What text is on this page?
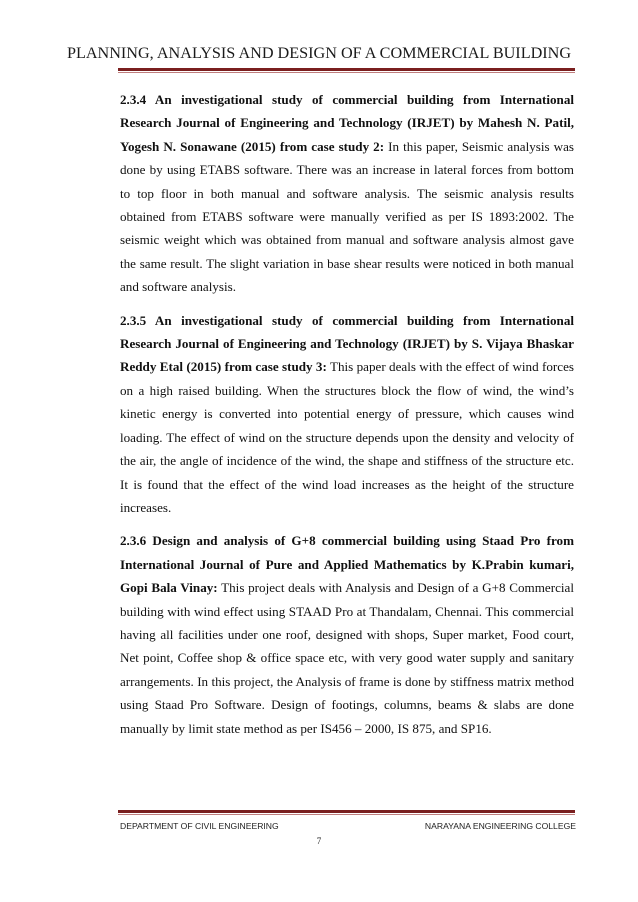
PLANNING, ANALYSIS AND DESIGN OF A COMMERCIAL BUILDING

2.3.4 An investigational study of commercial building from International Research Journal of Engineering and Technology (IRJET) by Mahesh N. Patil, Yogesh N. Sonawane (2015) from case study 2: In this paper, Seismic analysis was done by using ETABS software. There was an increase in lateral forces from bottom to top floor in both manual and software analysis. The seismic analysis results obtained from ETABS software were manually verified as per IS 1893:2002. The seismic weight which was obtained from manual and software analysis almost gave the same result. The slight variation in base shear results were noticed in both manual and software analysis.

2.3.5 An investigational study of commercial building from International Research Journal of Engineering and Technology (IRJET) by S. Vijaya Bhaskar Reddy Etal (2015) from case study 3: This paper deals with the effect of wind forces on a high raised building. When the structures block the flow of wind, the wind’s kinetic energy is converted into potential energy of pressure, which causes wind loading. The effect of wind on the structure depends upon the density and velocity of the air, the angle of incidence of the wind, the shape and stiffness of the structure etc. It is found that the effect of the wind load increases as the height of the structure increases.

2.3.6 Design and analysis of G+8 commercial building using Staad Pro from International Journal of Pure and Applied Mathematics by K.Prabin kumari, Gopi Bala Vinay: This project deals with Analysis and Design of a G+8 Commercial building with wind effect using STAAD Pro at Thandalam, Chennai. This commercial having all facilities under one roof, designed with shops, Super market, Food court, Net point, Coffee shop & office space etc, with very good water supply and sanitary arrangements. In this project, the Analysis of frame is done by stiffness matrix method using Staad Pro Software. Design of footings, columns, beams & slabs are done manually by limit state method as per IS456 – 2000, IS 875, and SP16.

DEPARTMENT OF CIVIL ENGINEERING	NARAYANA ENGINEERING COLLEGE
7
